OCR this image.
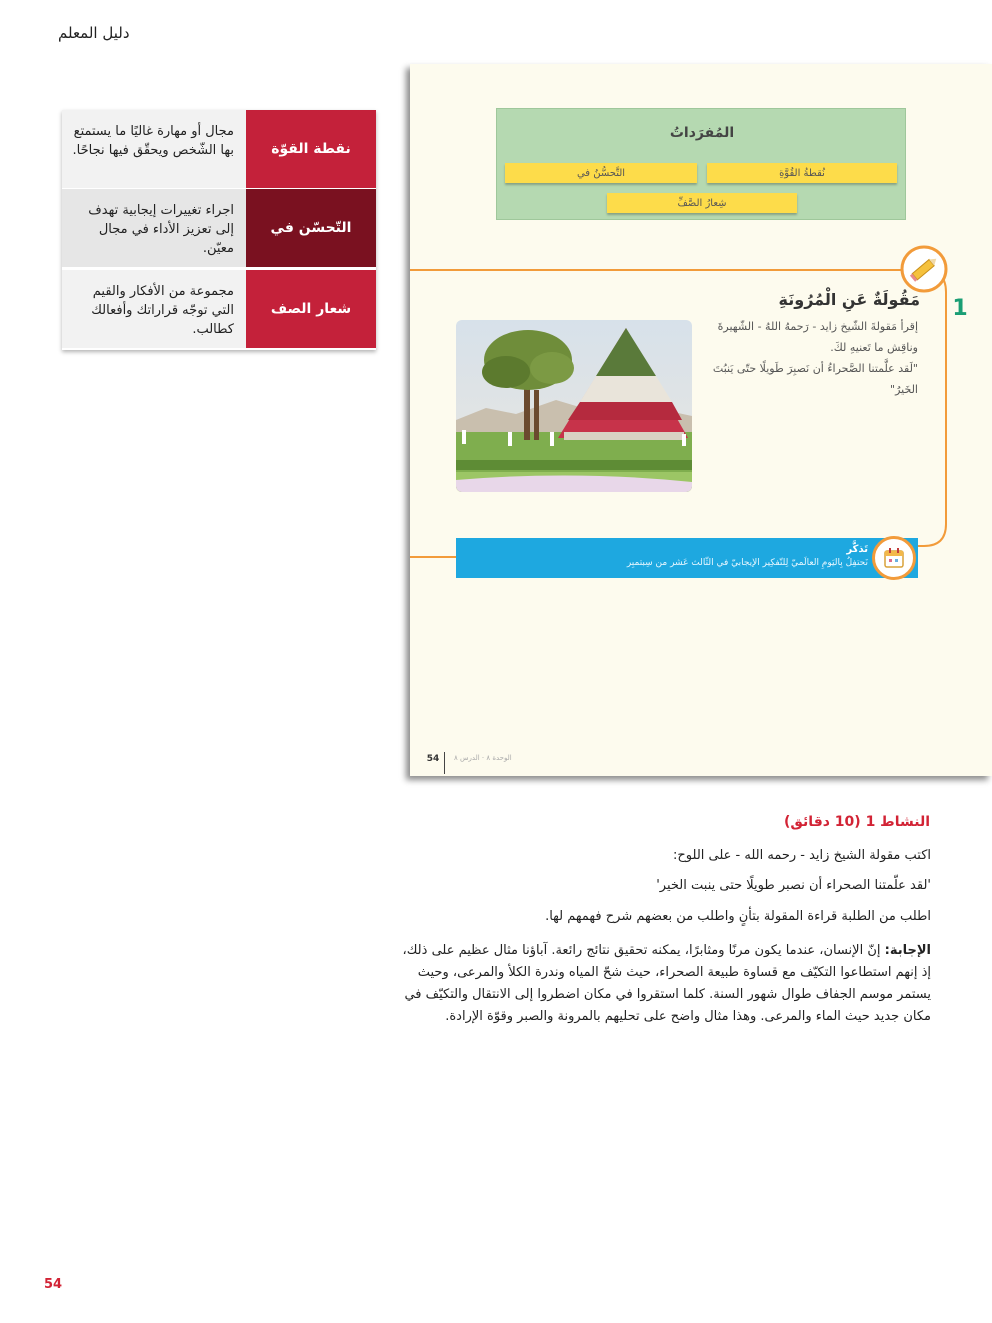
دليل المعلم
نقطة القوّة
مجال أو مهارة غاليًا ما يستمتع بها الشّخص ويحقّق فيها نجاحًا.
التّحسّن في
اجراء تغييرات إيجابية تهدف إلى تعزيز الأداء في مجال معيّن.
شعار الصف
مجموعة من الأفكار والقيم التي توجّه قراراتك وأفعالك كطالب.
المُفرَداتُ
نُقطةُ القُوَّةِ
التَّحسُّنُ في
شِعارُ الصَّفِّ
1
مَقُولَةٌ عَنِ الْمُرُونَةِ
إقرأ مَقولةَ الشّيخ زايد - رَحمهُ اللهُ - الشّهيرةَ
وناقِش ما تَعنيهِ لكَ.
"لَقد علَّمتنا الصَّحراءُ أن نَصبِرَ طَويلًا حتّى يَنبُتَ
الخَيرُ"
تَذكَّر
نَحتفِلُ بِاليَومِ العالَميّ لِلتّفكِير الإيجابيّ في الثّالث عَشر من سِبتمبِر
54	الوحدة ٨ · الدرس ٨
النشاط 1 (10 دقائق)
اكتب مقولة الشيخ زايد - رحمه الله - على اللوح:
'لقد علّمتنا الصحراء أن نصبر طويلًا حتى ينبت الخير'
اطلب من الطلبة قراءة المقولة بتأنٍ واطلب من بعضهم شرح فهمهم لها.
الإجابة: إنّ الإنسان، عندما يكون مرنًا ومثابرًا، يمكنه تحقيق نتائج رائعة. آباؤنا مثال عظيم على ذلك، إذ إنهم استطاعوا التكيّف مع قساوة طبيعة الصحراء، حيث شحّ المياه وندرة الكلأ والمرعى، وحيث يستمر موسم الجفاف طوال شهور السنة. كلما استقروا في مكان اضطروا إلى الانتقال والتكيّف في مكان جديد حيث الماء والمرعى. وهذا مثال واضح على تحليهم بالمرونة والصبر وقوّة الإرادة.
54
